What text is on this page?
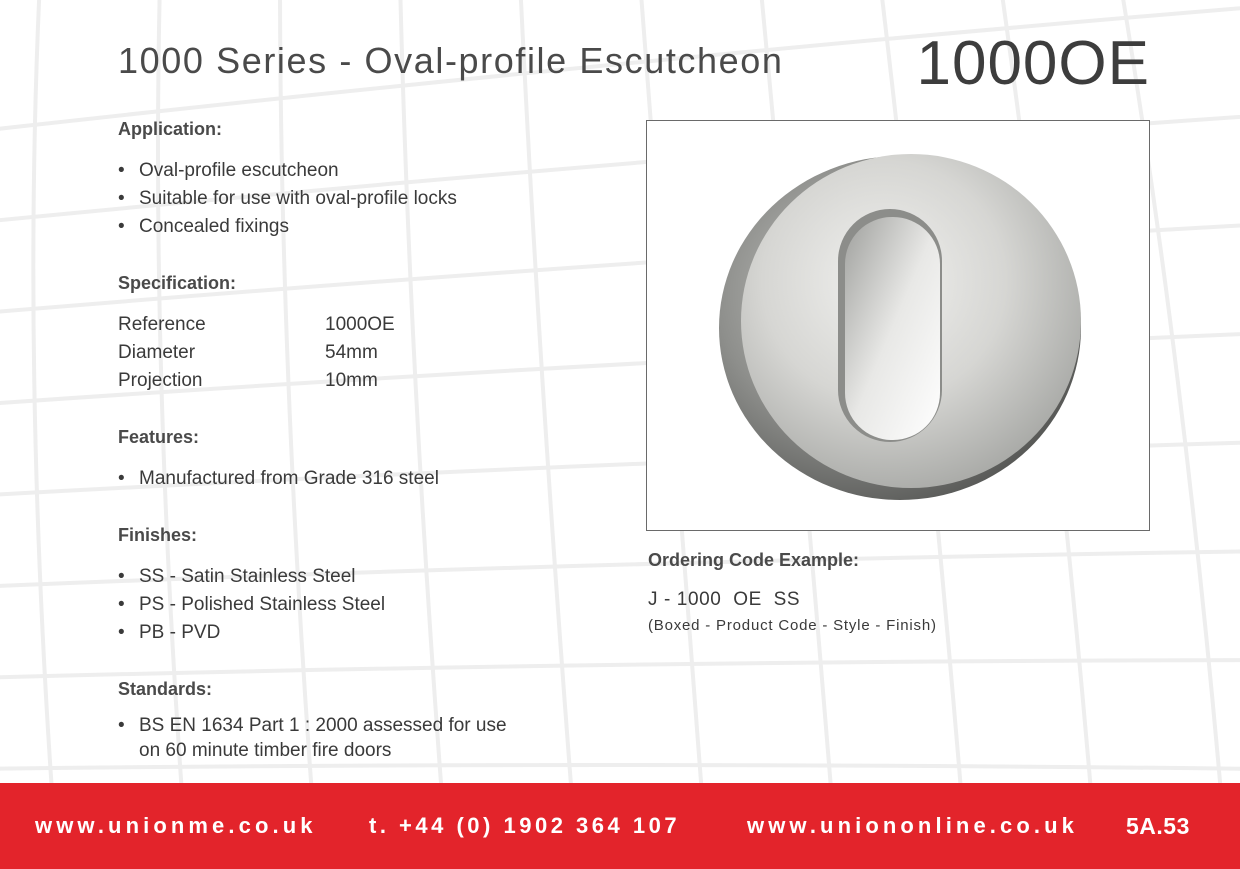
1000 Series - Oval-profile Escutcheon 1000OE
Application:
• Oval-profile escutcheon
• Suitable for use with oval-profile locks
• Concealed fixings
Specification:
Reference	1000OE
Diameter	54mm
Projection	10mm
Features:
• Manufactured from Grade 316 steel
Finishes:
• SS - Satin Stainless Steel
• PS - Polished Stainless Steel
• PB - PVD
Standards:
• BS EN 1634 Part 1 : 2000 assessed for use
on 60 minute timber fire doors
Ordering Code Example:
J - 1000  OE  SS
(Boxed - Product Code - Style - Finish)
www.unionme.co.uk t. +44 (0) 1902 364 107	www.uniononline.co.uk 5A.53
